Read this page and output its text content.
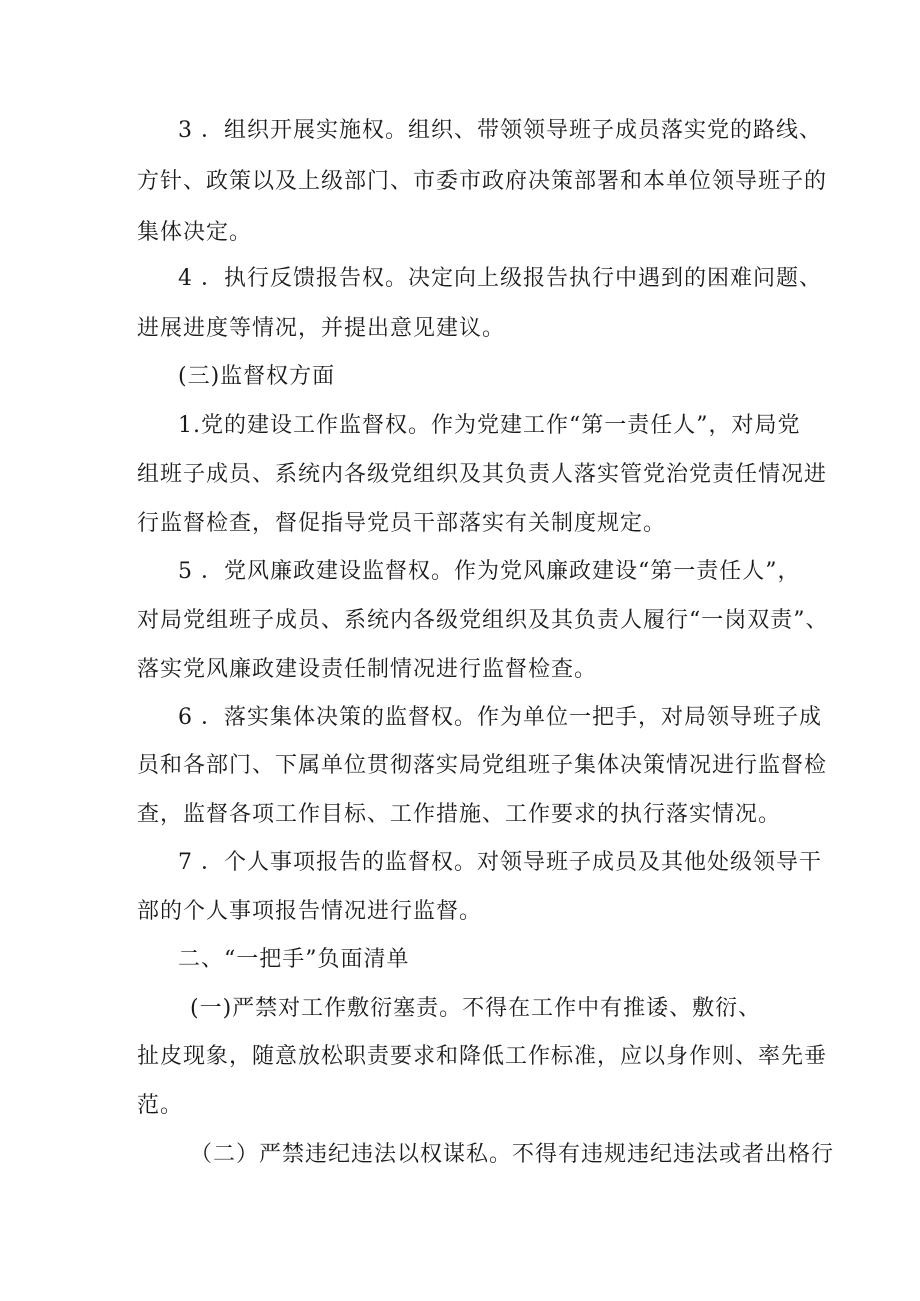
3 ．组织开展实施权。组织、带领领导班子成员落实党的路线、
方针、政策以及上级部门、市委市政府决策部署和本单位领导班子的
集体决定。
4 ．执行反馈报告权。决定向上级报告执行中遇到的困难问题、
进展进度等情况，并提出意见建议。
(三)监督权方面
1.党的建设工作监督权。作为党建工作“第一责任人”，对局党
组班子成员、系统内各级党组织及其负责人落实管党治党责任情况进
行监督检查，督促指导党员干部落实有关制度规定。
5 ．党风廉政建设监督权。作为党风廉政建设“第一责任人”，
对局党组班子成员、系统内各级党组织及其负责人履行“一岗双责”、
落实党风廉政建设责任制情况进行监督检查。
6 ．落实集体决策的监督权。作为单位一把手，对局领导班子成
员和各部门、下属单位贯彻落实局党组班子集体决策情况进行监督检
查，监督各项工作目标、工作措施、工作要求的执行落实情况。
7 ．个人事项报告的监督权。对领导班子成员及其他处级领导干
部的个人事项报告情况进行监督。
二、“一把手”负面清单
(一)严禁对工作敷衍塞责。不得在工作中有推诿、敷衍、
扯皮现象，随意放松职责要求和降低工作标准，应以身作则、率先垂
范。
（二）严禁违纪违法以权谋私。不得有违规违纪违法或者出格行
